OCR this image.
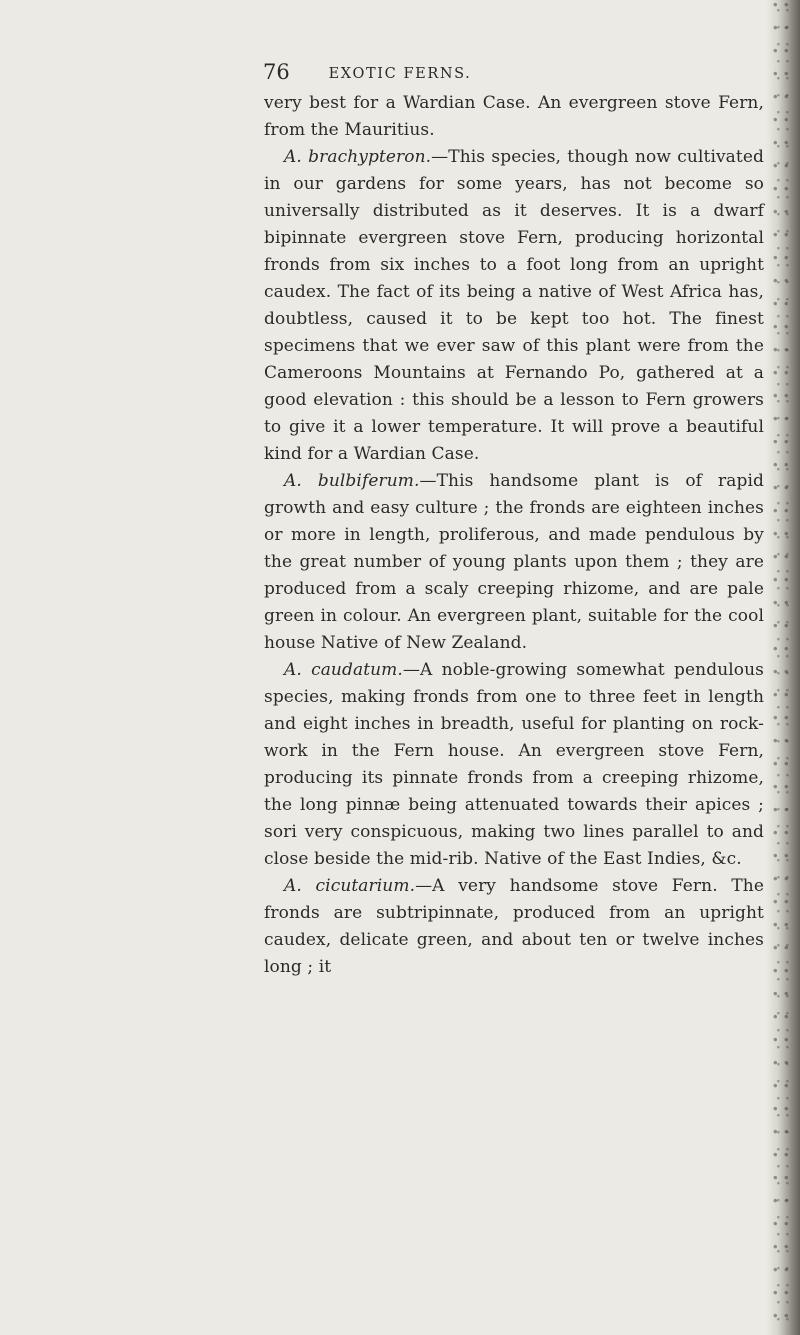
76	EXOTIC FERNS.

very best for a Wardian Case. An evergreen stove Fern, from the Mauritius.

A. brachypteron.—This species, though now cultivated in our gardens for some years, has not become so universally distributed as it deserves. It is a dwarf bipinnate evergreen stove Fern, producing horizontal fronds from six inches to a foot long from an upright caudex. The fact of its being a native of West Africa has, doubtless, caused it to be kept too hot. The finest specimens that we ever saw of this plant were from the Cameroons Mountains at Fernando Po, gathered at a good elevation : this should be a lesson to Fern growers to give it a lower temperature. It will prove a beautiful kind for a Wardian Case.

A. bulbiferum.—This handsome plant is of rapid growth and easy culture ; the fronds are eighteen inches or more in length, proliferous, and made pendulous by the great number of young plants upon them ; they are produced from a scaly creeping rhizome, and are pale green in colour. An evergreen plant, suitable for the cool house Native of New Zealand.

A. caudatum.—A noble-growing somewhat pendulous species, making fronds from one to three feet in length and eight inches in breadth, useful for planting on rock-work in the Fern house. An evergreen stove Fern, producing its pinnate fronds from a creeping rhizome, the long pinnæ being attenuated towards their apices ; sori very conspicuous, making two lines parallel to and close beside the mid-rib. Native of the East Indies, &c.

A. cicutarium.—A very handsome stove Fern. The fronds are subtripinnate, produced from an upright caudex, delicate green, and about ten or twelve inches long ; it
